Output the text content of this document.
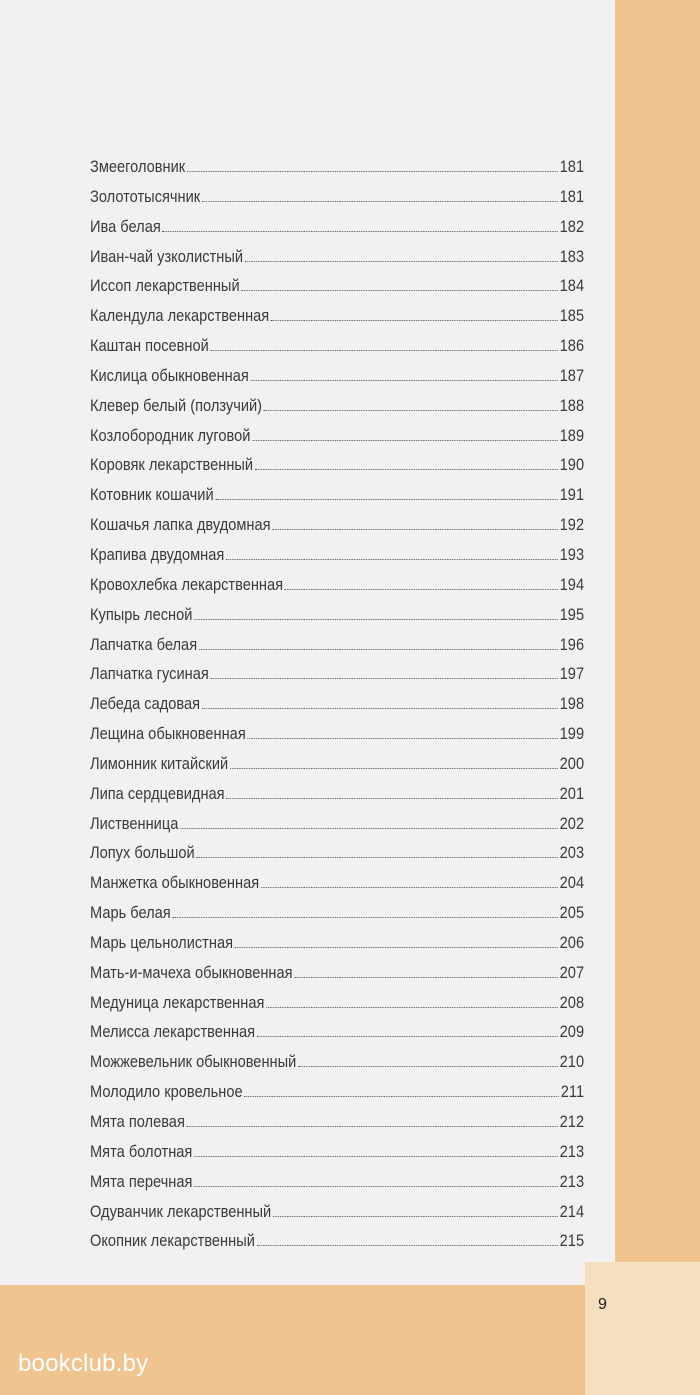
Змееголовник	181
Золототысячник	181
Ива белая	182
Иван-чай узколистный	183
Иссоп лекарственный	184
Календула лекарственная	185
Каштан посевной	186
Кислица обыкновенная	187
Клевер белый (ползучий)	188
Козлобородник луговой	189
Коровяк лекарственный	190
Котовник кошачий	191
Кошачья лапка двудомная	192
Крапива двудомная	193
Кровохлебка лекарственная	194
Купырь лесной	195
Лапчатка белая	196
Лапчатка гусиная	197
Лебеда садовая	198
Лещина обыкновенная	199
Лимонник китайский	200
Липа сердцевидная	201
Лиственница	202
Лопух большой	203
Манжетка обыкновенная	204
Марь белая	205
Марь цельнолистная	206
Мать-и-мачеха обыкновенная	207
Медуница лекарственная	208
Мелисса лекарственная	209
Можжевельник обыкновенный	210
Молодило кровельное	211
Мята полевая	212
Мята болотная	213
Мята перечная	213
Одуванчик лекарственный	214
Окопник лекарственный	215
9
bookclub.by
